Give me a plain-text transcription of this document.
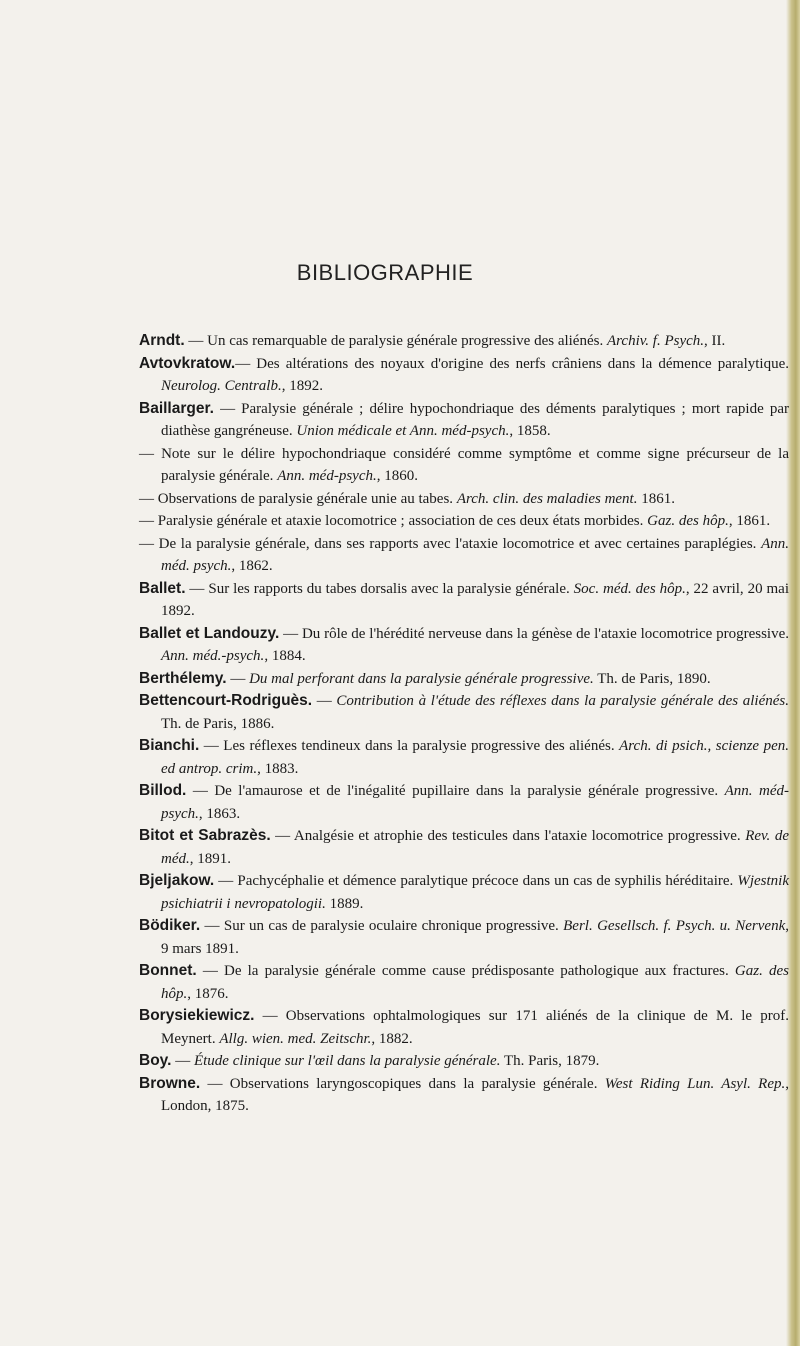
BIBLIOGRAPHIE

Arndt. — Un cas remarquable de paralysie générale progressive des aliénés. Archiv. f. Psych., II.

Avtovkratow.— Des altérations des noyaux d'origine des nerfs crâniens dans la démence paralytique. Neurolog. Centralb., 1892.

Baillarger. — Paralysie générale ; délire hypochondriaque des déments paralytiques ; mort rapide par diathèse gangréneuse. Union médicale et Ann. méd-psych., 1858.

— Note sur le délire hypochondriaque considéré comme symptôme et comme signe précurseur de la paralysie générale. Ann. méd-psych., 1860.

— Observations de paralysie générale unie au tabes. Arch. clin. des maladies ment. 1861.

— Paralysie générale et ataxie locomotrice ; association de ces deux états morbides. Gaz. des hôp., 1861.

— De la paralysie générale, dans ses rapports avec l'ataxie locomotrice et avec certaines paraplégies. Ann. méd. psych., 1862.

Ballet. — Sur les rapports du tabes dorsalis avec la paralysie générale. Soc. méd. des hôp., 22 avril, 20 mai 1892.

Ballet et Landouzy. — Du rôle de l'hérédité nerveuse dans la génèse de l'ataxie locomotrice progressive. Ann. méd.-psych., 1884.

Berthélemy. — Du mal perforant dans la paralysie générale progressive. Th. de Paris, 1890.

Bettencourt-Rodriguès. — Contribution à l'étude des réflexes dans la paralysie générale des aliénés. Th. de Paris, 1886.

Bianchi. — Les réflexes tendineux dans la paralysie progressive des aliénés. Arch. di psich., scienze pen. ed antrop. crim., 1883.

Billod. — De l'amaurose et de l'inégalité pupillaire dans la paralysie générale progressive. Ann. méd-psych., 1863.

Bitot et Sabrazès. — Analgésie et atrophie des testicules dans l'ataxie locomotrice progressive. Rev. de méd., 1891.

Bjeljakow. — Pachycéphalie et démence paralytique précoce dans un cas de syphilis héréditaire. Wjestnik psichiatrii i nevropatologii. 1889.

Bödiker. — Sur un cas de paralysie oculaire chronique progressive. Berl. Gesellsch. f. Psych. u. Nervenk, 9 mars 1891.

Bonnet. — De la paralysie générale comme cause prédisposante pathologique aux fractures. Gaz. des hôp., 1876.

Borysiekiewicz. — Observations ophtalmologiques sur 171 aliénés de la clinique de M. le prof. Meynert. Allg. wien. med. Zeitschr., 1882.

Boy. — Étude clinique sur l'œil dans la paralysie générale. Th. Paris, 1879.

Browne. — Observations laryngoscopiques dans la paralysie générale. West Riding Lun. Asyl. Rep., London, 1875.
